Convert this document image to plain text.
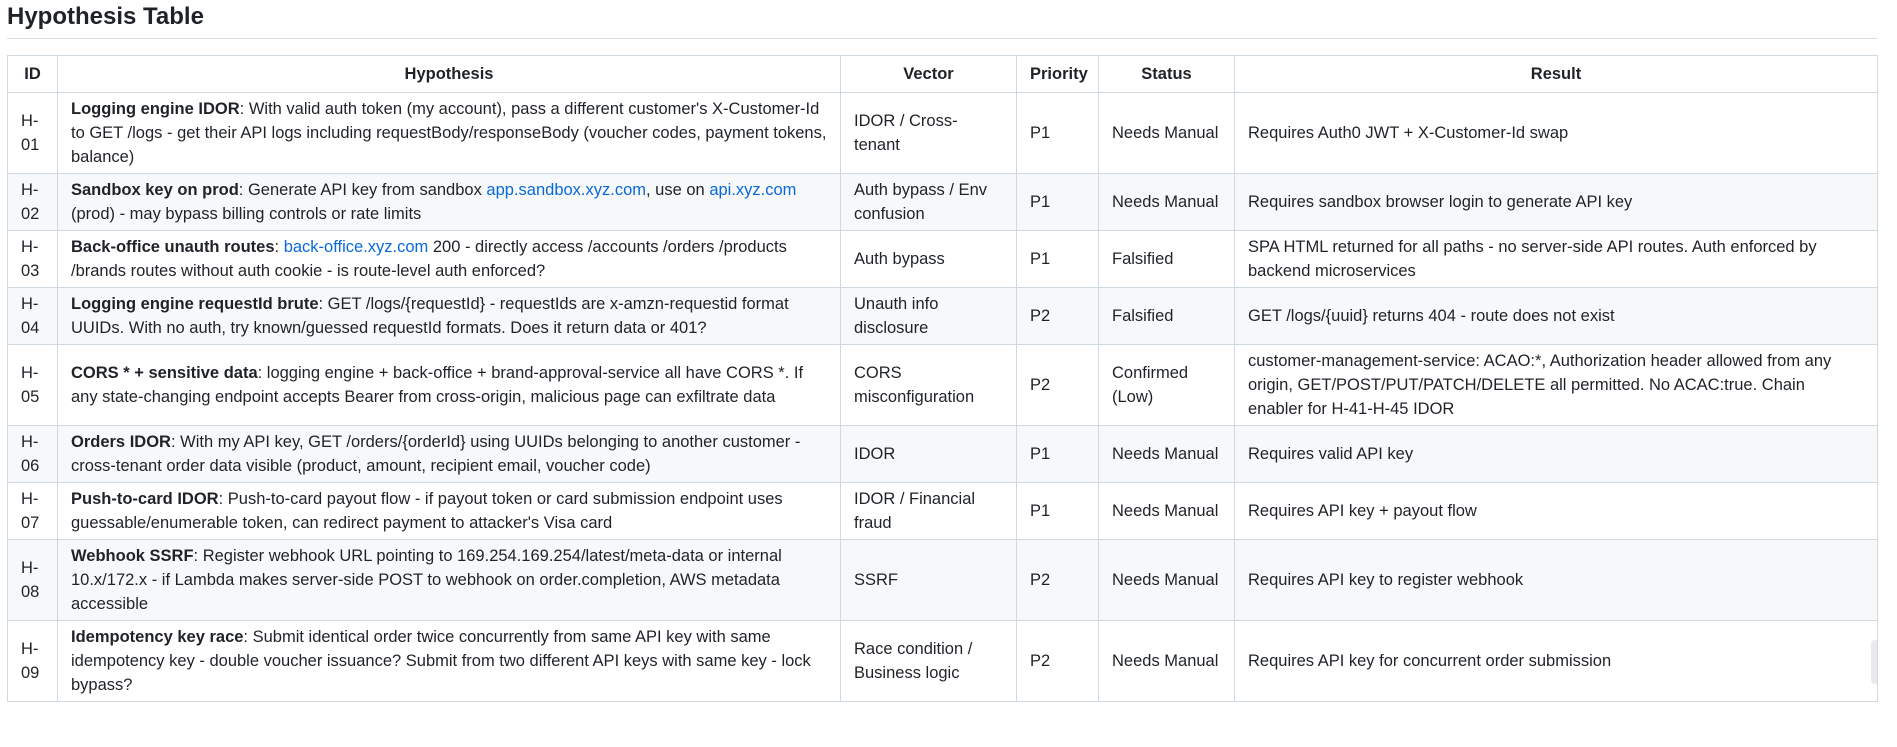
Hypothesis Table
ID	Hypothesis	Vector	Priority	Status	Result
H-01	Logging engine IDOR: With valid auth token (my account), pass a different customer's X-Customer-Id to GET /logs - get their API logs including requestBody/responseBody (voucher codes, payment tokens, balance)	IDOR / Cross-tenant	P1	Needs Manual	Requires Auth0 JWT + X-Customer-Id swap
H-02	Sandbox key on prod: Generate API key from sandbox app.sandbox.xyz.com, use on api.xyz.com (prod) - may bypass billing controls or rate limits	Auth bypass / Env confusion	P1	Needs Manual	Requires sandbox browser login to generate API key
H-03	Back-office unauth routes: back-office.xyz.com 200 - directly access /accounts /orders /products /brands routes without auth cookie - is route-level auth enforced?	Auth bypass	P1	Falsified	SPA HTML returned for all paths - no server-side API routes. Auth enforced by backend microservices
H-04	Logging engine requestId brute: GET /logs/{requestId} - requestIds are x-amzn-requestid format UUIDs. With no auth, try known/guessed requestId formats. Does it return data or 401?	Unauth info disclosure	P2	Falsified	GET /logs/{uuid} returns 404 - route does not exist
H-05	CORS * + sensitive data: logging engine + back-office + brand-approval-service all have CORS *. If any state-changing endpoint accepts Bearer from cross-origin, malicious page can exfiltrate data	CORS misconfiguration	P2	Confirmed (Low)	customer-management-service: ACAO:*, Authorization header allowed from any origin, GET/POST/PUT/PATCH/DELETE all permitted. No ACAC:true. Chain enabler for H-41-H-45 IDOR
H-06	Orders IDOR: With my API key, GET /orders/{orderId} using UUIDs belonging to another customer - cross-tenant order data visible (product, amount, recipient email, voucher code)	IDOR	P1	Needs Manual	Requires valid API key
H-07	Push-to-card IDOR: Push-to-card payout flow - if payout token or card submission endpoint uses guessable/enumerable token, can redirect payment to attacker's Visa card	IDOR / Financial fraud	P1	Needs Manual	Requires API key + payout flow
H-08	Webhook SSRF: Register webhook URL pointing to 169.254.169.254/latest/meta-data or internal 10.x/172.x - if Lambda makes server-side POST to webhook on order.completion, AWS metadata accessible	SSRF	P2	Needs Manual	Requires API key to register webhook
H-09	Idempotency key race: Submit identical order twice concurrently from same API key with same idempotency key - double voucher issuance? Submit from two different API keys with same key - lock bypass?	Race condition / Business logic	P2	Needs Manual	Requires API key for concurrent order submission
